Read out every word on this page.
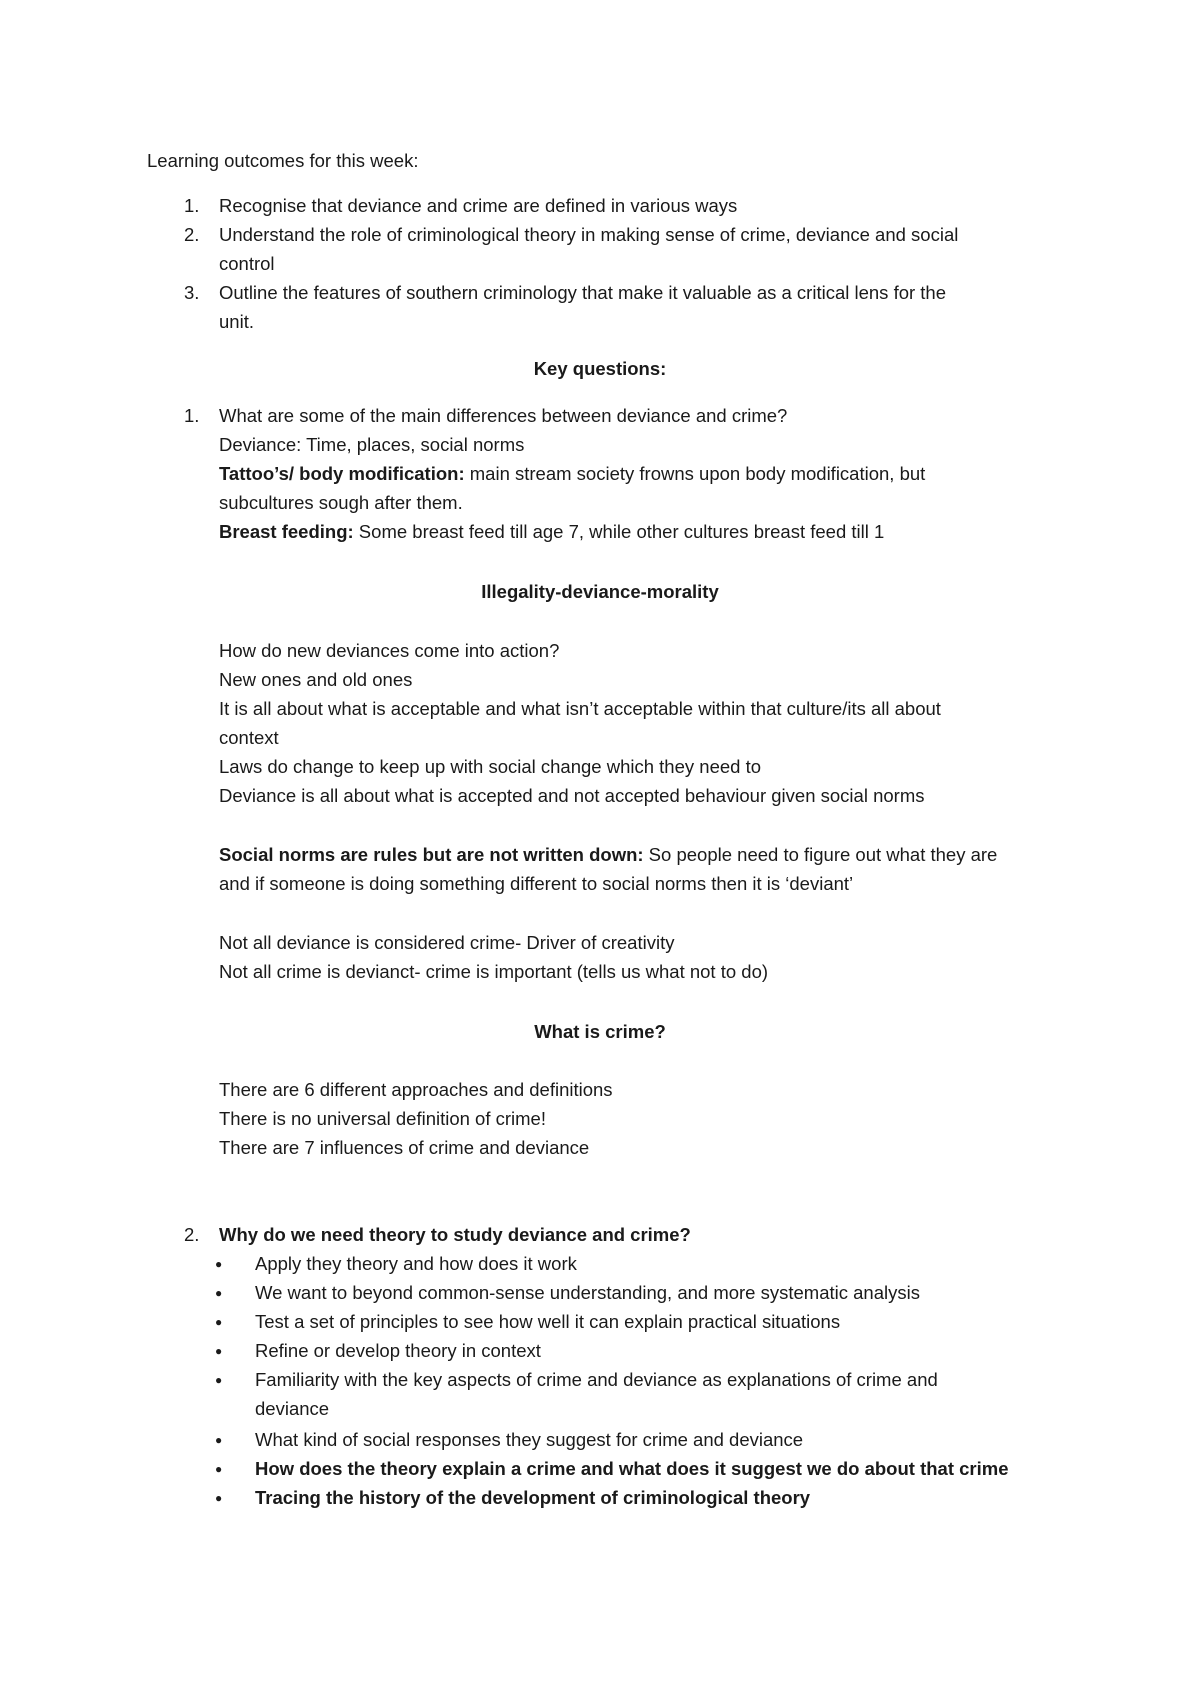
Learning outcomes for this week:
1. Recognise that deviance and crime are defined in various ways
2. Understand the role of criminological theory in making sense of crime, deviance and social
control
3. Outline the features of southern criminology that make it valuable as a critical lens for the
unit.
Key questions:
1. What are some of the main differences between deviance and crime?
Deviance: Time, places, social norms
Tattoo’s/ body modification: main stream society frowns upon body modification, but
subcultures sough after them.
Breast feeding: Some breast feed till age 7, while other cultures breast feed till 1
Illegality-deviance-morality
How do new deviances come into action?
New ones and old ones
It is all about what is acceptable and what isn’t acceptable within that culture/its all about
context
Laws do change to keep up with social change which they need to
Deviance is all about what is accepted and not accepted behaviour given social norms
Social norms are rules but are not written down: So people need to figure out what they are
and if someone is doing something different to social norms then it is ‘deviant’
Not all deviance is considered crime- Driver of creativity
Not all crime is devianct- crime is important (tells us what not to do)
What is crime?
There are 6 different approaches and definitions
There is no universal definition of crime!
There are 7 influences of crime and deviance
2. Why do we need theory to study deviance and crime?
● Apply they theory and how does it work
● We want to beyond common-sense understanding, and more systematic analysis
● Test a set of principles to see how well it can explain practical situations
● Refine or develop theory in context
● Familiarity with the key aspects of crime and deviance as explanations of crime and
deviance
● What kind of social responses they suggest for crime and deviance
● How does the theory explain a crime and what does it suggest we do about that crime
● Tracing the history of the development of criminological theory
